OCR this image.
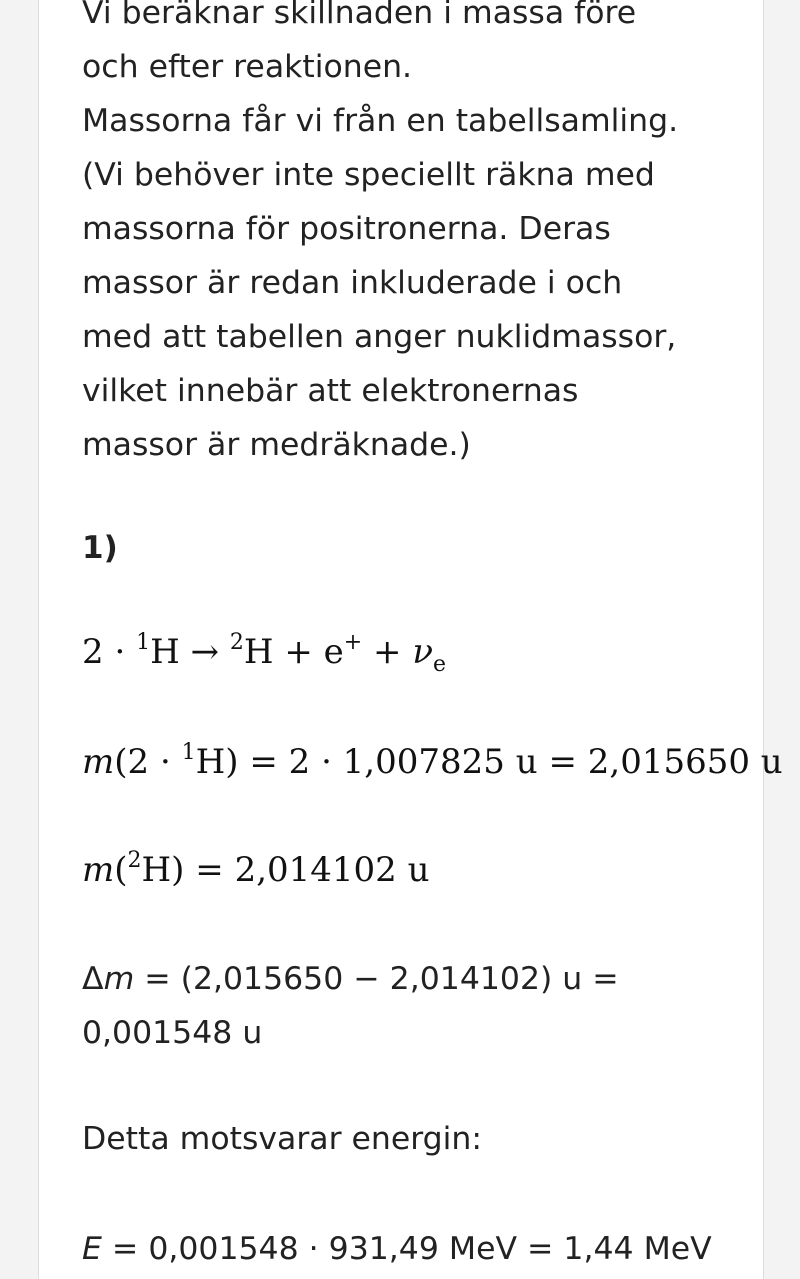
Vi beräknar skillnaden i massa före
och efter reaktionen.
Massorna får vi från en tabellsamling.
(Vi behöver inte speciellt räkna med
massorna för positronerna. Deras
massor är redan inkluderade i och
med att tabellen anger nuklidmassor,
vilket innebär att elektronernas
massor är medräknade.)

1)
$2 \cdot ^1H \to ^2H + e^+ + \nu_e$
m(2 · $^1$H) = 2 · 1,007825 u = 2,015650 u
m($^2$H) = 2,014102 u
Δm = (2,015650 − 2,014102) u =
0,001548 u
Detta motsvarar energin:
E = 0,001548 · 931,49 MeV = 1,44 MeV
